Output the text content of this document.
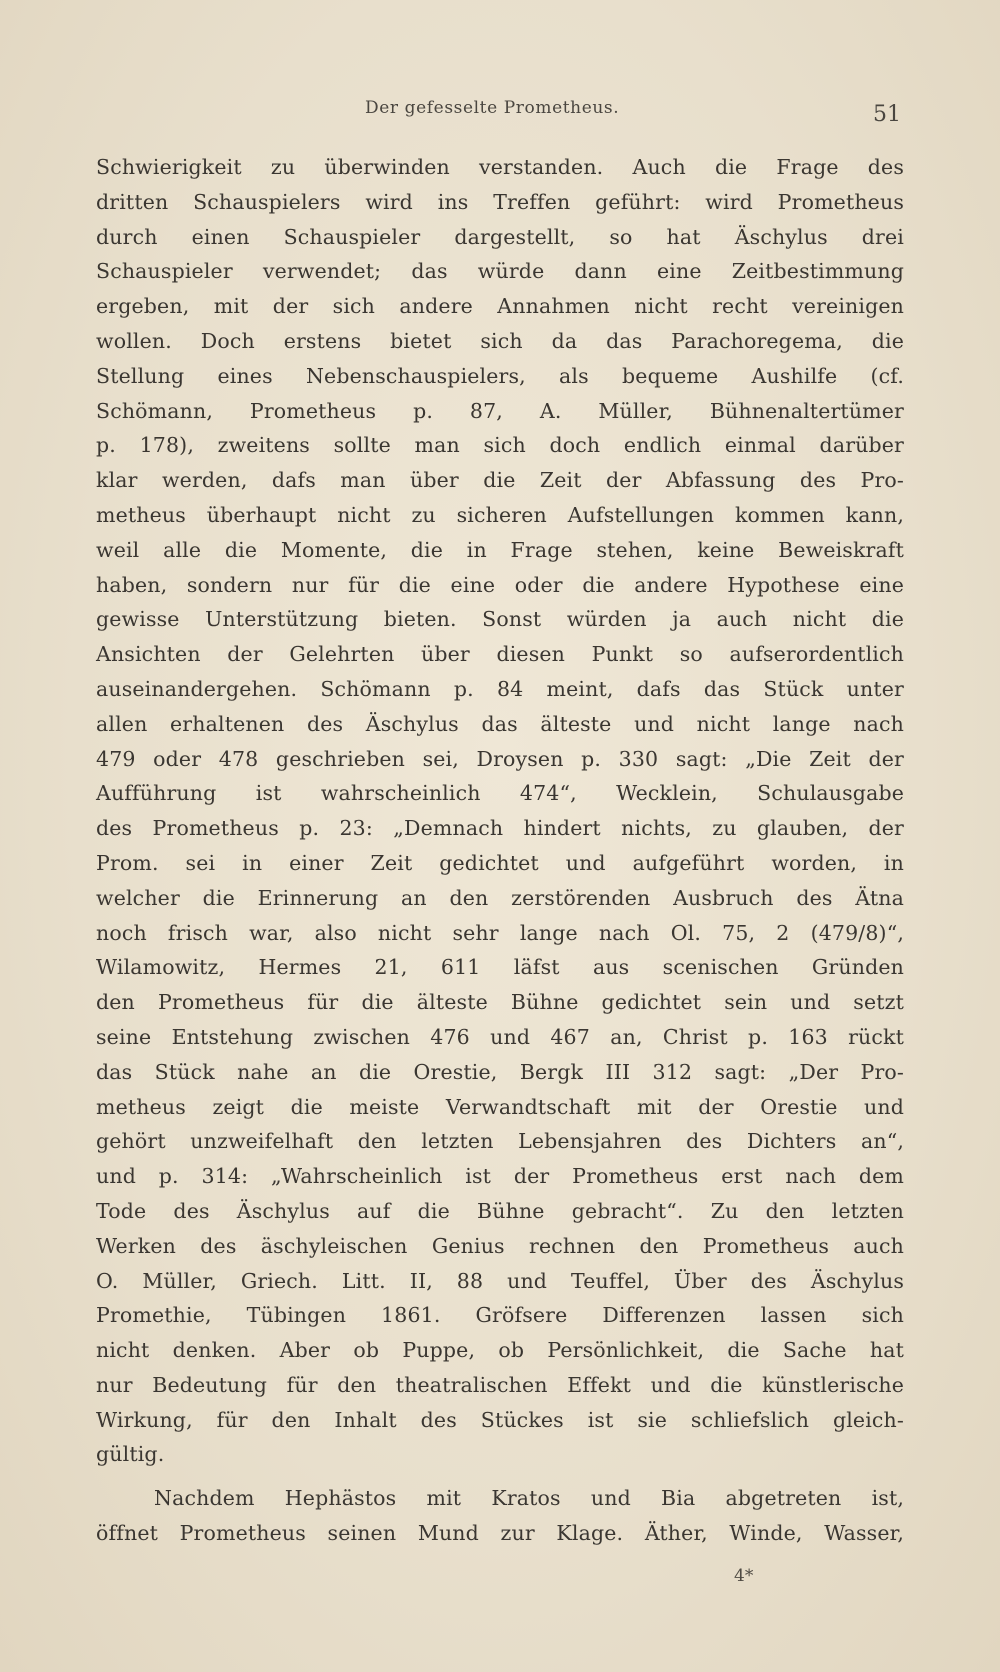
Der gefesselte Prometheus.	51
Schwierigkeit zu überwinden verstanden. Auch die Frage des
dritten Schauspielers wird ins Treffen geführt: wird Prometheus
durch einen Schauspieler dargestellt, so hat Äschylus drei
Schauspieler verwendet; das würde dann eine Zeitbestimmung
ergeben, mit der sich andere Annahmen nicht recht vereinigen
wollen. Doch erstens bietet sich da das Parachoregema, die
Stellung eines Nebenschauspielers, als bequeme Aushilfe (cf.
Schömann, Prometheus p. 87, A. Müller, Bühnenaltertümer
p. 178), zweitens sollte man sich doch endlich einmal darüber
klar werden, dafs man über die Zeit der Abfassung des Pro-
metheus überhaupt nicht zu sicheren Aufstellungen kommen kann,
weil alle die Momente, die in Frage stehen, keine Beweiskraft
haben, sondern nur für die eine oder die andere Hypothese eine
gewisse Unterstützung bieten. Sonst würden ja auch nicht die
Ansichten der Gelehrten über diesen Punkt so aufserordentlich
auseinandergehen. Schömann p. 84 meint, dafs das Stück unter
allen erhaltenen des Äschylus das älteste und nicht lange nach
479 oder 478 geschrieben sei, Droysen p. 330 sagt: „Die Zeit der
Aufführung ist wahrscheinlich 474“, Wecklein, Schulausgabe
des Prometheus p. 23: „Demnach hindert nichts, zu glauben, der
Prom. sei in einer Zeit gedichtet und aufgeführt worden, in
welcher die Erinnerung an den zerstörenden Ausbruch des Ätna
noch frisch war, also nicht sehr lange nach Ol. 75, 2 (479/8)“,
Wilamowitz, Hermes 21, 611 läfst aus scenischen Gründen
den Prometheus für die älteste Bühne gedichtet sein und setzt
seine Entstehung zwischen 476 und 467 an, Christ p. 163 rückt
das Stück nahe an die Orestie, Bergk III 312 sagt: „Der Pro-
metheus zeigt die meiste Verwandtschaft mit der Orestie und
gehört unzweifelhaft den letzten Lebensjahren des Dichters an“,
und p. 314: „Wahrscheinlich ist der Prometheus erst nach dem
Tode des Äschylus auf die Bühne gebracht“. Zu den letzten
Werken des äschyleischen Genius rechnen den Prometheus auch
O. Müller, Griech. Litt. II, 88 und Teuffel, Über des Äschylus
Promethie, Tübingen 1861. Gröfsere Differenzen lassen sich
nicht denken. Aber ob Puppe, ob Persönlichkeit, die Sache hat
nur Bedeutung für den theatralischen Effekt und die künstlerische
Wirkung, für den Inhalt des Stückes ist sie schliefslich gleich-
gültig.
Nachdem Hephästos mit Kratos und Bia abgetreten ist,
öffnet Prometheus seinen Mund zur Klage. Äther, Winde, Wasser,
4*
